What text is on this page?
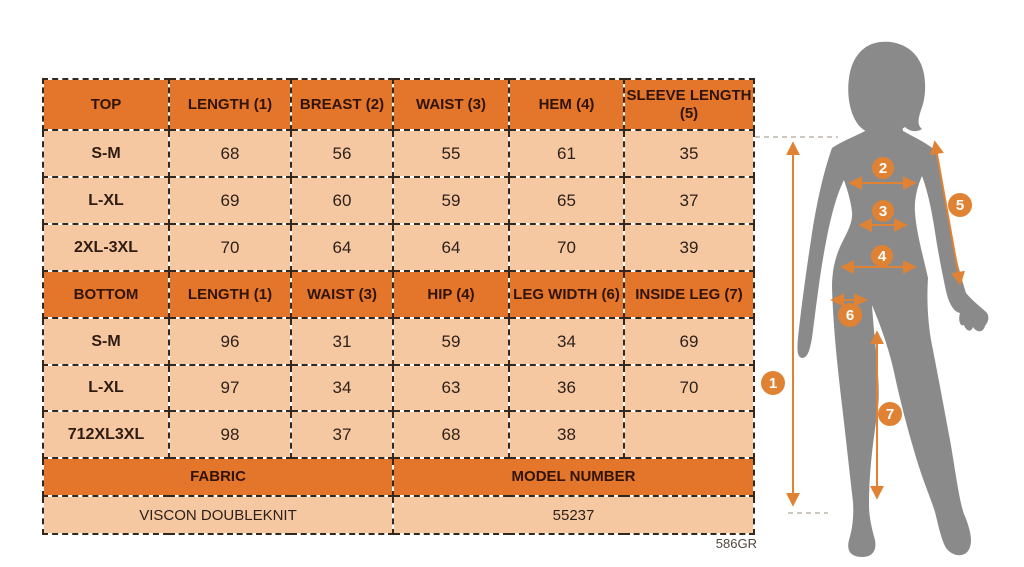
TOP	LENGTH (1)	BREAST (2)	WAIST (3)	HEM (4)	SLEEVE LENGTH (5)
S-M	68	56	55	61	35
L-XL	69	60	59	65	37
2XL-3XL	70	64	64	70	39
BOTTOM	LENGTH (1)	WAIST (3)	HIP (4)	LEG WIDTH (6)	INSIDE LEG (7)
S-M	96	31	59	34	69
L-XL	97	34	63	36	70
712XL3XL	98	37	68	38	
FABRIC			MODEL NUMBER		
VISCON DOUBLEKNIT			55237		
586GR
1
2
3
4
5
6
7
